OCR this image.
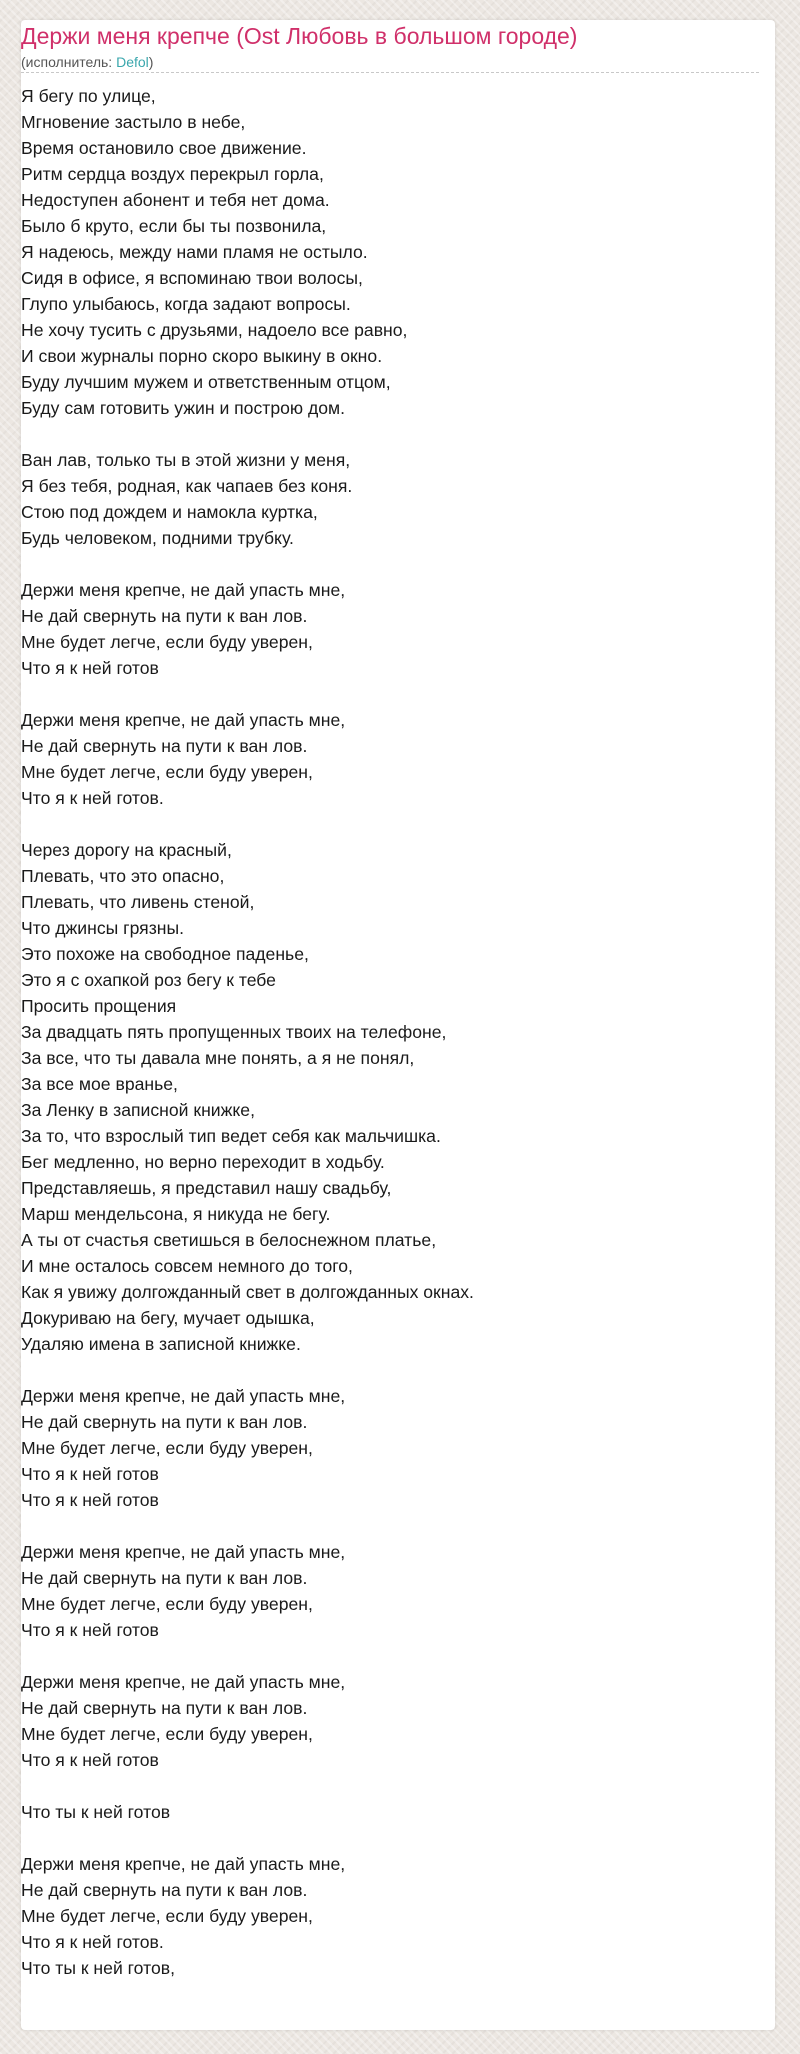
Держи меня крепче (Ost Любовь в большом городе)
(исполнитель: Defol)
Я бегу по улице,
Мгновение застыло в небе,
Время остановило свое движение.
Ритм сердца воздух перекрыл горла,
Недоступен абонент и тебя нет дома.
Было б круто, если бы ты позвонила,
Я надеюсь, между нами пламя не остыло.
Сидя в офисе, я вспоминаю твои волосы,
Глупо улыбаюсь, когда задают вопросы.
Не хочу тусить с друзьями, надоело все равно,
И свои журналы порно скоро выкину в окно.
Буду лучшим мужем и ответственным отцом,
Буду сам готовить ужин и построю дом.
Ван лав, только ты в этой жизни у меня,
Я без тебя, родная, как чапаев без коня.
Стою под дождем и намокла куртка,
Будь человеком, подними трубку.
Держи меня крепче, не дай упасть мне,
Не дай свернуть на пути к ван лов.
Мне будет легче, если буду уверен,
Что я к ней готов
Держи меня крепче, не дай упасть мне,
Не дай свернуть на пути к ван лов.
Мне будет легче, если буду уверен,
Что я к ней готов.
Через дорогу на красный,
Плевать, что это опасно,
Плевать, что ливень стеной,
Что джинсы грязны.
Это похоже на свободное паденье,
Это я с охапкой роз бегу к тебе
Просить прощения
За двадцать пять пропущенных твоих на телефоне,
За все, что ты давала мне понять, а я не понял,
За все мое вранье,
За Ленку в записной книжке,
За то, что взрослый тип ведет себя как мальчишка.
Бег медленно, но верно переходит в ходьбу.
Представляешь, я представил нашу свадьбу,
Марш мендельсона, я никуда не бегу.
А ты от счастья светишься в белоснежном платье,
И мне осталось совсем немного до того,
Как я увижу долгожданный свет в долгожданных окнах.
Докуриваю на бегу, мучает одышка,
Удаляю имена в записной книжке.
Держи меня крепче, не дай упасть мне,
Не дай свернуть на пути к ван лов.
Мне будет легче, если буду уверен,
Что я к ней готов
Что я к ней готов
Держи меня крепче, не дай упасть мне,
Не дай свернуть на пути к ван лов.
Мне будет легче, если буду уверен,
Что я к ней готов
Держи меня крепче, не дай упасть мне,
Не дай свернуть на пути к ван лов.
Мне будет легче, если буду уверен,
Что я к ней готов
Что ты к ней готов
Держи меня крепче, не дай упасть мне,
Не дай свернуть на пути к ван лов.
Мне будет легче, если буду уверен,
Что я к ней готов.
Что ты к ней готов,
